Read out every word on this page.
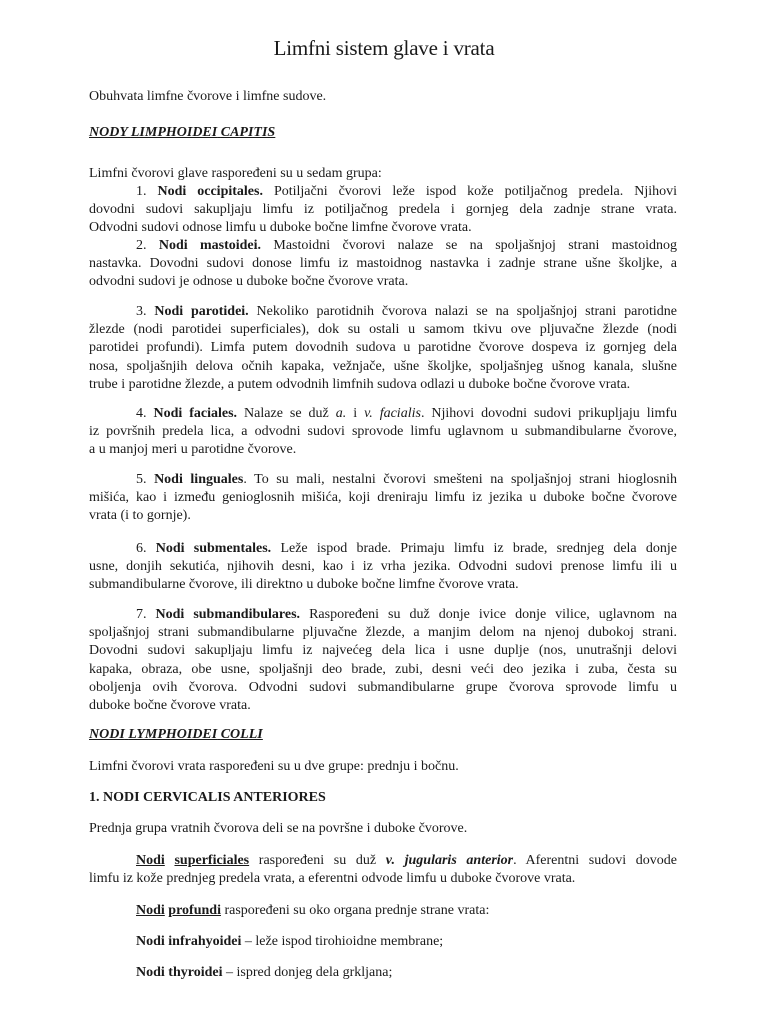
Limfni sistem glave i vrata
Obuhvata limfne čvorove i limfne sudove.
NODY LIMPHOIDEI CAPITIS
Limfni čvorovi glave raspoređeni su u sedam grupa:
1. Nodi occipitales. Potiljačni čvorovi leže ispod kože potiljačnog predela. Njihovi
dovodni sudovi sakupljaju limfu iz potiljačnog predela i gornjeg dela zadnje strane vrata.
Odvodni sudovi odnose limfu u duboke bočne limfne čvorove vrata.
2. Nodi mastoidei. Mastoidni čvorovi nalaze se na spoljašnjoj strani mastoidnog
nastavka. Dovodni sudovi donose limfu iz mastoidnog nastavka i zadnje strane ušne školjke, a
odvodni sudovi je odnose u duboke bočne čvorove vrata.
3. Nodi parotidei. Nekoliko parotidnih čvorova nalazi se na spoljašnjoj strani parotidne
žlezde (nodi parotidei superficiales), dok su ostali u samom tkivu ove pljuvačne žlezde (nodi
parotidei profundi). Limfa putem dovodnih sudova u parotidne čvorove dospeva iz gornjeg dela
nosa, spoljašnjih delova očnih kapaka, vežnjače, ušne školjke, spoljašnjeg ušnog kanala, slušne
trube i parotidne žlezde, a putem odvodnih limfnih sudova odlazi u duboke bočne čvorove vrata.
4. Nodi faciales. Nalaze se duž a. i v. facialis. Njihovi dovodni sudovi prikupljaju limfu
iz površnih predela lica, a odvodni sudovi sprovode limfu uglavnom u submandibularne čvorove,
a u manjoj meri u parotidne čvorove.
5. Nodi linguales. To su mali, nestalni čvorovi smešteni na spoljašnjoj strani hioglosnih
mišića, kao i između genioglosnih mišića, koji dreniraju limfu iz jezika u duboke bočne čvorove
vrata (i to gornje).
6. Nodi submentales. Leže ispod brade. Primaju limfu iz brade, srednjeg dela donje
usne, donjih sekutića, njihovih desni, kao i iz vrha jezika. Odvodni sudovi prenose limfu ili u
submandibularne čvorove, ili direktno u duboke bočne limfne čvorove vrata.
7. Nodi submandibulares. Raspoređeni su duž donje ivice donje vilice, uglavnom na
spoljašnjoj strani submandibularne pljuvačne žlezde, a manjim delom na njenoj dubokoj strani.
Dovodni sudovi sakupljaju limfu iz najvećeg dela lica i usne duplje (nos, unutrašnji delovi
kapaka, obraza, obe usne, spoljašnji deo brade, zubi, desni veći deo jezika i zuba, česta su
oboljenja ovih čvorova. Odvodni sudovi submandibularne grupe čvorova sprovode limfu u
duboke bočne čvorove vrata.
NODI LYMPHOIDEI COLLI
Limfni čvorovi vrata raspoređeni su u dve grupe: prednju i bočnu.
1. NODI CERVICALIS ANTERIORES
Prednja grupa vratnih čvorova deli se na površne i duboke čvorove.
Nodi superficiales raspoređeni su duž v. jugularis anterior. Aferentni sudovi dovode
limfu iz kože prednjeg predela vrata, a eferentni odvode limfu u duboke čvorove vrata.
Nodi profundi raspoređeni su oko organa prednje strane vrata:
Nodi infrahyoidei – leže ispod tirohioidne membrane;
Nodi thyroidei – ispred donjeg dela grkljana;
